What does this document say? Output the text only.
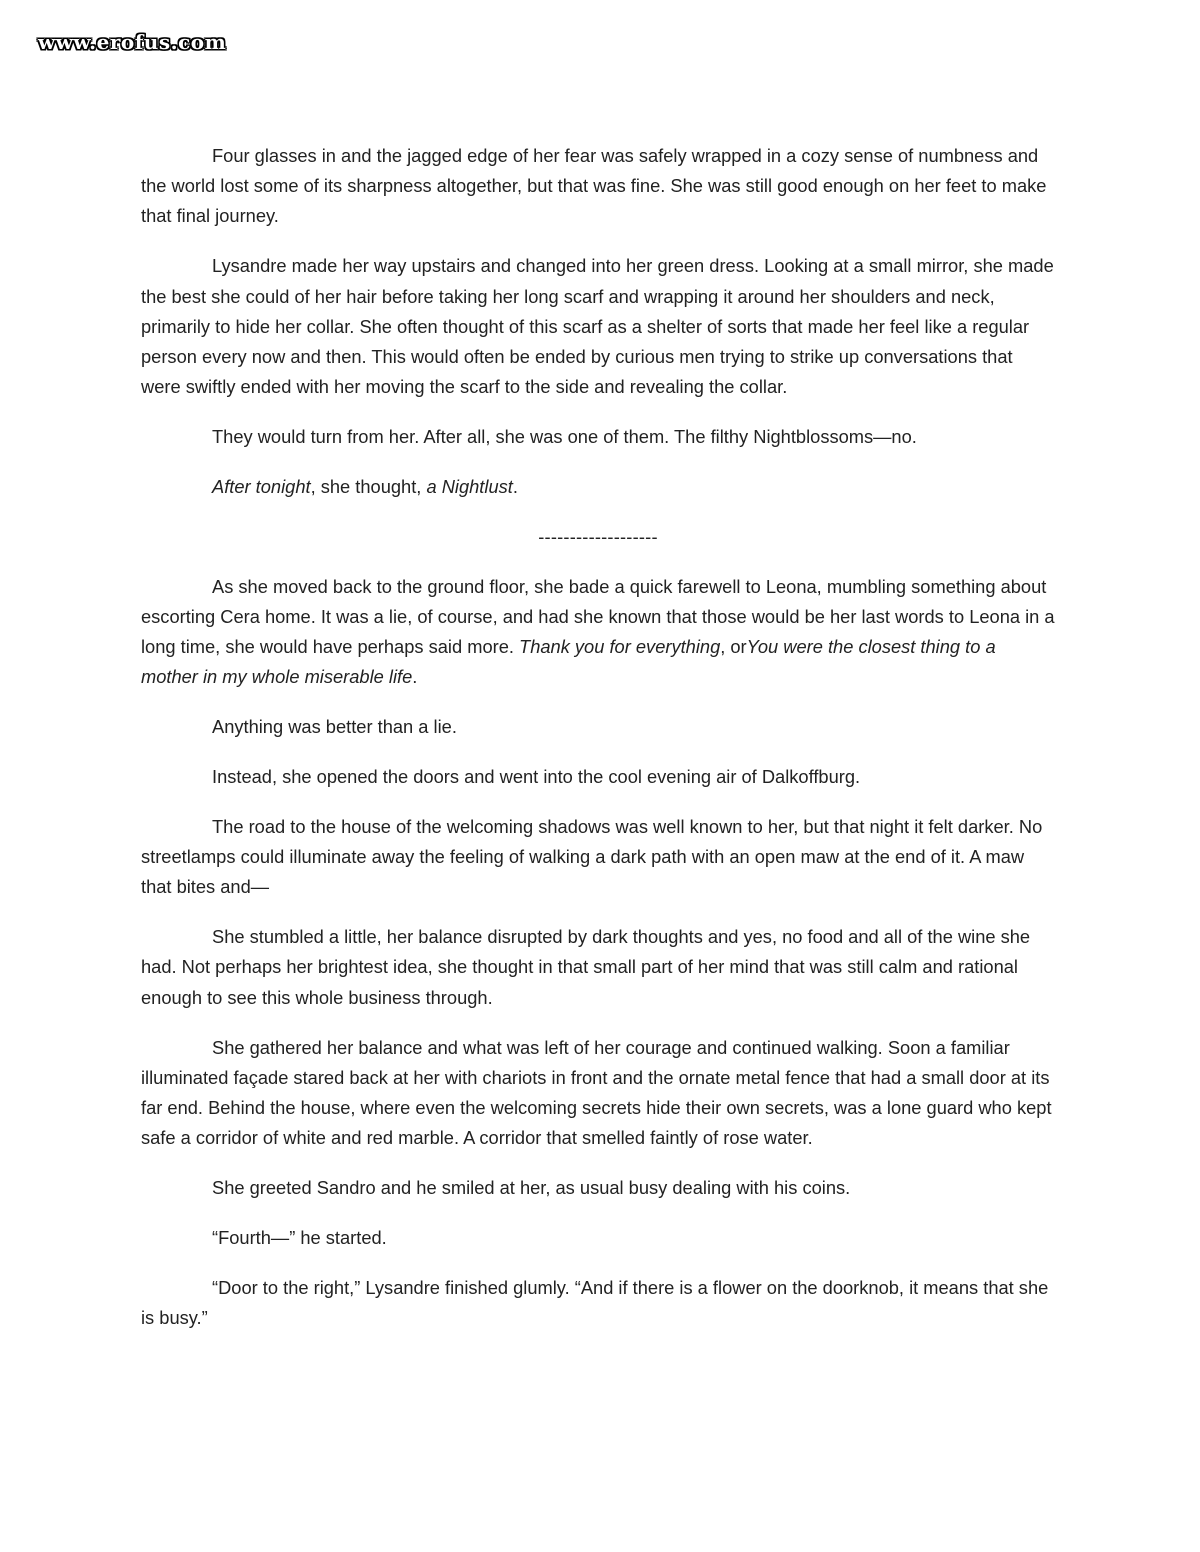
www.erofus.com

Four glasses in and the jagged edge of her fear was safely wrapped in a cozy sense of numbness and the world lost some of its sharpness altogether, but that was fine. She was still good enough on her feet to make that final journey.

Lysandre made her way upstairs and changed into her green dress. Looking at a small mirror, she made the best she could of her hair before taking her long scarf and wrapping it around her shoulders and neck, primarily to hide her collar. She often thought of this scarf as a shelter of sorts that made her feel like a regular person every now and then. This would often be ended by curious men trying to strike up conversations that were swiftly ended with her moving the scarf to the side and revealing the collar.

They would turn from her. After all, she was one of them. The filthy Nightblossoms—no.

After tonight, she thought, a Nightlust.

-------------------

As she moved back to the ground floor, she bade a quick farewell to Leona, mumbling something about escorting Cera home. It was a lie, of course, and had she known that those would be her last words to Leona in a long time, she would have perhaps said more. Thank you for everything, orYou were the closest thing to a mother in my whole miserable life.

Anything was better than a lie.

Instead, she opened the doors and went into the cool evening air of Dalkoffburg.

The road to the house of the welcoming shadows was well known to her, but that night it felt darker. No streetlamps could illuminate away the feeling of walking a dark path with an open maw at the end of it. A maw that bites and—

She stumbled a little, her balance disrupted by dark thoughts and yes, no food and all of the wine she had. Not perhaps her brightest idea, she thought in that small part of her mind that was still calm and rational enough to see this whole business through.

She gathered her balance and what was left of her courage and continued walking. Soon a familiar illuminated façade stared back at her with chariots in front and the ornate metal fence that had a small door at its far end. Behind the house, where even the welcoming secrets hide their own secrets, was a lone guard who kept safe a corridor of white and red marble. A corridor that smelled faintly of rose water.

She greeted Sandro and he smiled at her, as usual busy dealing with his coins.

“Fourth—” he started.

“Door to the right,” Lysandre finished glumly. “And if there is a flower on the doorknob, it means that she is busy.”
